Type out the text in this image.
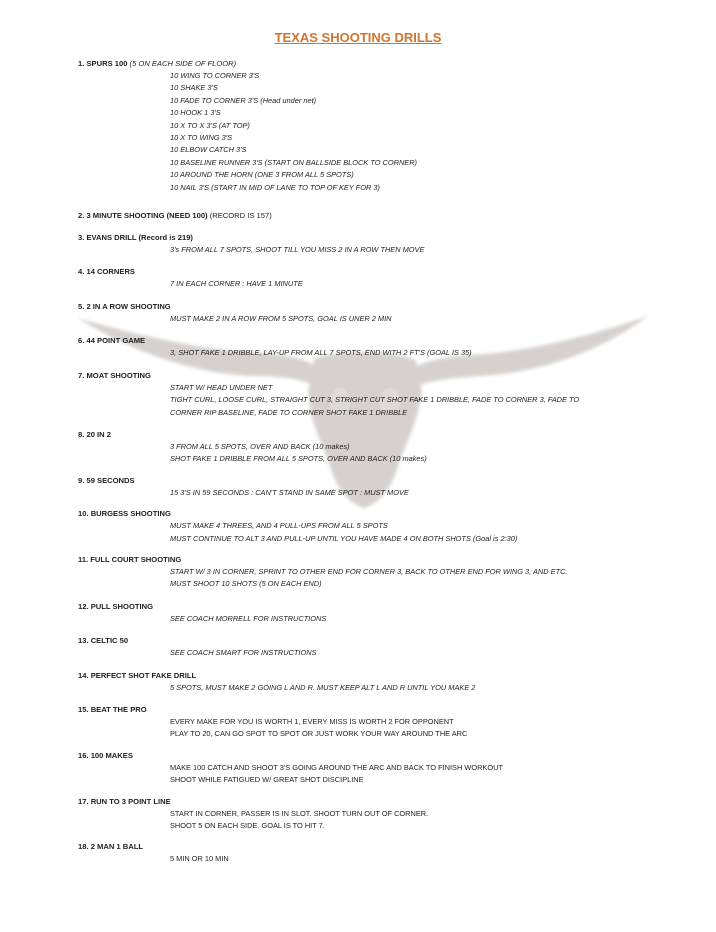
TEXAS SHOOTING DRILLS
1. SPURS 100 (5 ON EACH SIDE OF FLOOR)
10 WING TO CORNER 3'S
10 SHAKE 3'S
10 FADE TO CORNER 3'S (Head under net)
10 HOOK 1 3'S
10 X TO X 3'S (AT TOP)
10 X TO WING 3'S
10 ELBOW CATCH 3'S
10 BASELINE RUNNER 3'S (START ON BALLSIDE BLOCK TO CORNER)
10 AROUND THE HORN (ONE 3 FROM ALL 5 SPOTS)
10 NAIL 3'S (START IN MID OF LANE TO TOP OF KEY FOR 3)
2. 3 MINUTE SHOOTING (NEED 100) (RECORD IS 157)
3. EVANS DRILL (Record is 219)
3's FROM ALL 7 SPOTS, SHOOT TILL YOU MISS 2 IN A ROW THEN MOVE
4. 14 CORNERS
7 IN EACH CORNER : HAVE 1 MINUTE
5. 2 IN A ROW SHOOTING
MUST MAKE 2 IN A ROW FROM 5 SPOTS, GOAL IS UNER 2 MIN
6. 44 POINT GAME
3, SHOT FAKE 1 DRIBBLE, LAY-UP FROM ALL 7 SPOTS, END WITH 2 FT'S (GOAL IS 35)
7. MOAT SHOOTING
START W/ HEAD UNDER NET
TIGHT CURL, LOOSE CURL, STRAIGHT CUT 3, STRIGHT CUT SHOT FAKE 1 DRIBBLE, FADE TO CORNER 3, FADE TO
CORNER RIP BASELINE, FADE TO CORNER SHOT FAKE 1 DRIBBLE
8. 20 IN 2
3 FROM ALL 5 SPOTS, OVER AND BACK (10 makes)
SHOT FAKE 1 DRIBBLE FROM ALL 5 SPOTS, OVER AND BACK (10 makes)
9. 59 SECONDS
15 3'S IN 59 SECONDS : CAN'T STAND IN SAME SPOT : MUST MOVE
10. BURGESS SHOOTING
MUST MAKE 4 THREES, AND 4 PULL-UPS FROM ALL 5 SPOTS
MUST CONTINUE TO ALT 3 AND PULL-UP UNTIL YOU HAVE MADE 4 ON BOTH SHOTS (Goal is 2:30)
11. FULL COURT SHOOTING
START W/ 3 IN CORNER, SPRINT TO OTHER END FOR CORNER 3, BACK TO OTHER END FOR WING 3, AND ETC.
MUST SHOOT 10 SHOTS (5 ON EACH END)
12. PULL SHOOTING
SEE COACH MORRELL FOR INSTRUCTIONS
13. CELTIC 50
SEE COACH SMART FOR INSTRUCTIONS
14. PERFECT SHOT FAKE DRILL
5 SPOTS, MUST MAKE 2 GOING L AND R. MUST KEEP ALT L AND R UNTIL YOU MAKE 2
15. BEAT THE PRO
EVERY MAKE FOR YOU IS WORTH 1, EVERY MISS IS WORTH 2 FOR OPPONENT
PLAY TO 20, CAN GO SPOT TO SPOT OR JUST WORK YOUR WAY AROUND THE ARC
16. 100 MAKES
MAKE 100 CATCH AND SHOOT 3'S GOING AROUND THE ARC AND BACK TO FINISH WORKOUT
SHOOT WHILE FATIGUED W/ GREAT SHOT DISCIPLINE
17. RUN TO 3 POINT LINE
START IN CORNER, PASSER IS IN SLOT. SHOOT TURN OUT OF CORNER.
SHOOT 5 ON EACH SIDE. GOAL IS TO HIT 7.
18. 2 MAN 1 BALL
5 MIN OR 10 MIN
